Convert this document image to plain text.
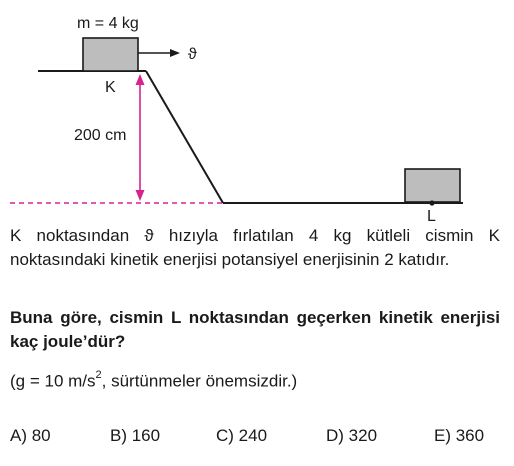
m = 4 kg
ϑ
K
200 cm
L

K noktasından ϑ hızıyla fırlatılan 4 kg kütleli cismin K noktasındaki kinetik enerjisi potansiyel enerjisinin 2 katıdır.

Buna göre, cismin L noktasından geçerken kinetik enerjisi kaç joule’dür?

(g = 10 $m/s^2$, sürtünmeler önemsizdir.)

A) 80	B) 160	C) 240	D) 320	E) 360
